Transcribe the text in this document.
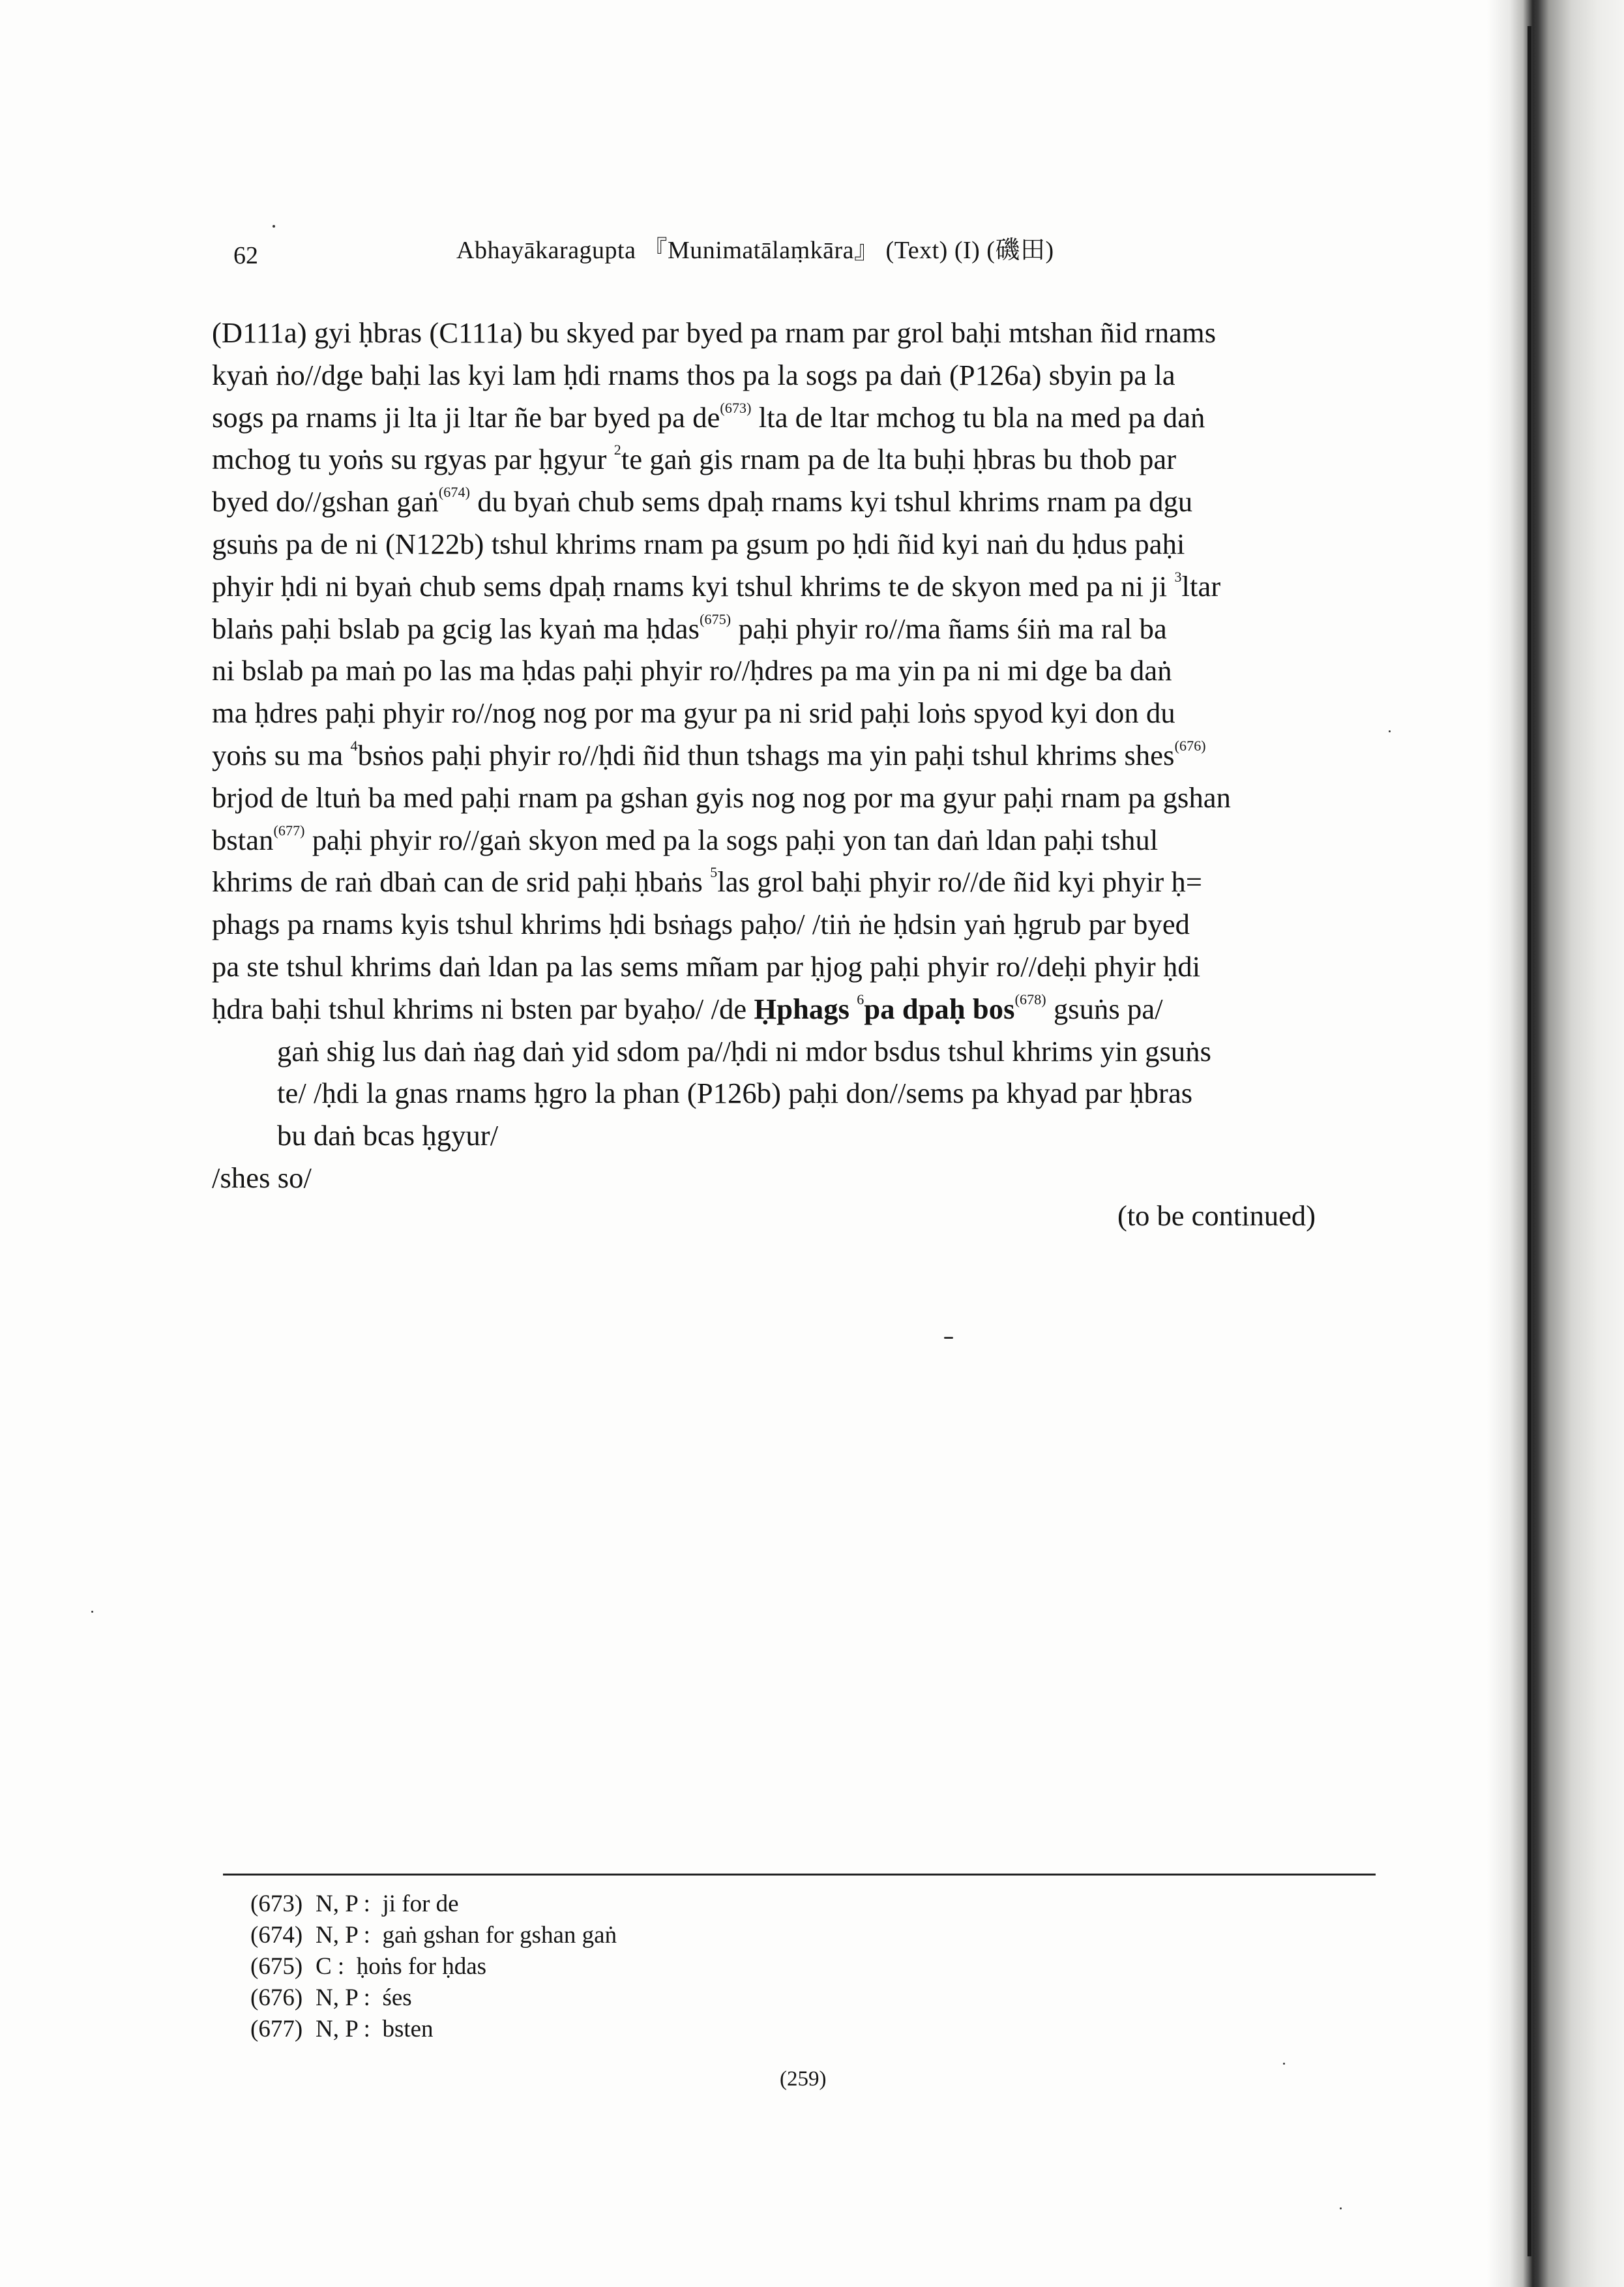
62	Abhayākaragupta 『Munimatālaṃkāra』 (Text) (I) (磯田)
(D111a) gyi ḥbras (C111a) bu skyed par byed pa rnam par grol baḥi mtshan ñid rnams
kyaṅ ṅo//dge baḥi las kyi lam ḥdi rnams thos pa la sogs pa daṅ (P126a) sbyin pa la
sogs pa rnams ji lta ji ltar ñe bar byed pa $de^{(673)}$ lta de ltar mchog tu bla na med pa daṅ
mchog tu yoṅs su rgyas par ḥgyur $^2$te gaṅ gis rnam pa de lta buḥi ḥbras bu thob par
byed do//gshan gaṅ$^{(674)}$ du byaṅ chub sems dpaḥ rnams kyi tshul khrims rnam pa dgu
gsuṅs pa de ni (N122b) tshul khrims rnam pa gsum po ḥdi ñid kyi naṅ du ḥdus paḥi
phyir ḥdi ni byaṅ chub sems dpaḥ rnams kyi tshul khrims te de skyon med pa ni ji $^3$ltar
blaṅs paḥi bslab pa gcig las kyaṅ ma ḥdas$^{(675)}$ paḥi phyir ro//ma ñams śiṅ ma ral ba
ni bslab pa maṅ po las ma ḥdas paḥi phyir ro//ḥdres pa ma yin pa ni mi dge ba daṅ
ma ḥdres paḥi phyir ro//nog nog por ma gyur pa ni srid paḥi loṅs spyod kyi don du
yoṅs su ma $^4$bsṅos paḥi phyir ro//ḥdi ñid thun tshags ma yin paḥi tshul khrims shes$^{(676)}$
brjod de ltuṅ ba med paḥi rnam pa gshan gyis nog nog por ma gyur paḥi rnam pa gshan
bstan$^{(677)}$ paḥi phyir ro//gaṅ skyon med pa la sogs paḥi yon tan daṅ ldan paḥi tshul
khrims de raṅ dbaṅ can de srid paḥi ḥbaṅs $^5$las grol baḥi phyir ro//de ñid kyi phyir ḥ=
phags pa rnams kyis tshul khrims ḥdi bsṅags paḥo/ /tiṅ ṅe ḥdsin yaṅ ḥgrub par byed
pa ste tshul khrims daṅ ldan pa las sems mñam par ḥjog paḥi phyir ro//deḥi phyir ḥdi
ḥdra baḥi tshul khrims ni bsten par byaḥo/ /de Ḥphags $^6$pa dpaḥ bos$^{(678)}$ gsuṅs pa/
gaṅ shig lus daṅ ṅag daṅ yid sdom pa//ḥdi ni mdor bsdus tshul khrims yin gsuṅs
te/ /ḥdi la gnas rnams ḥgro la phan (P126b) paḥi don//sems pa khyad par ḥbras
bu daṅ bcas ḥgyur/
/shes so/
(to be continued)
(673) N, P :  ji for de
(674) N, P :  gaṅ gshan for gshan gaṅ
(675) C :  ḥoṅs for ḥdas
(676) N, P :  śes
(677) N, P :  bsten
(259)
